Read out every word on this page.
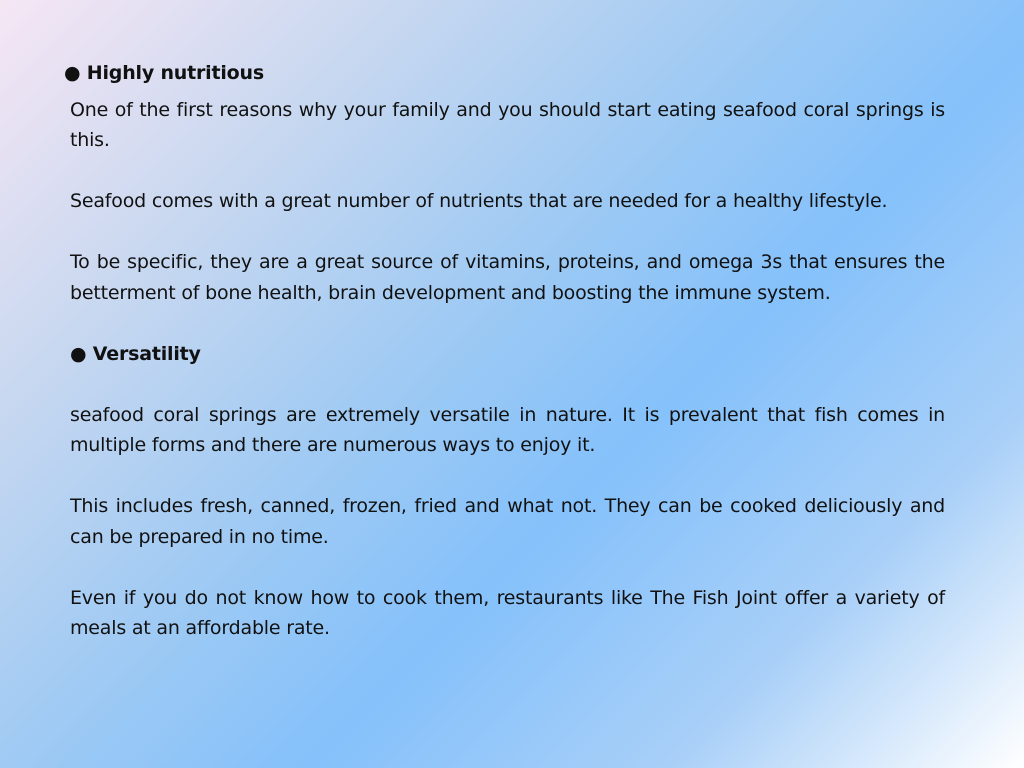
● Highly nutritious

One of the first reasons why your family and you should start eating seafood coral springs is this.

Seafood comes with a great number of nutrients that are needed for a healthy lifestyle.

To be specific, they are a great source of vitamins, proteins, and omega 3s that ensures the betterment of bone health, brain development and boosting the immune system.

● Versatility

seafood coral springs are extremely versatile in nature. It is prevalent that fish comes in multiple forms and there are numerous ways to enjoy it.

This includes fresh, canned, frozen, fried and what not. They can be cooked deliciously and can be prepared in no time.

Even if you do not know how to cook them, restaurants like The Fish Joint offer a variety of meals at an affordable rate.
